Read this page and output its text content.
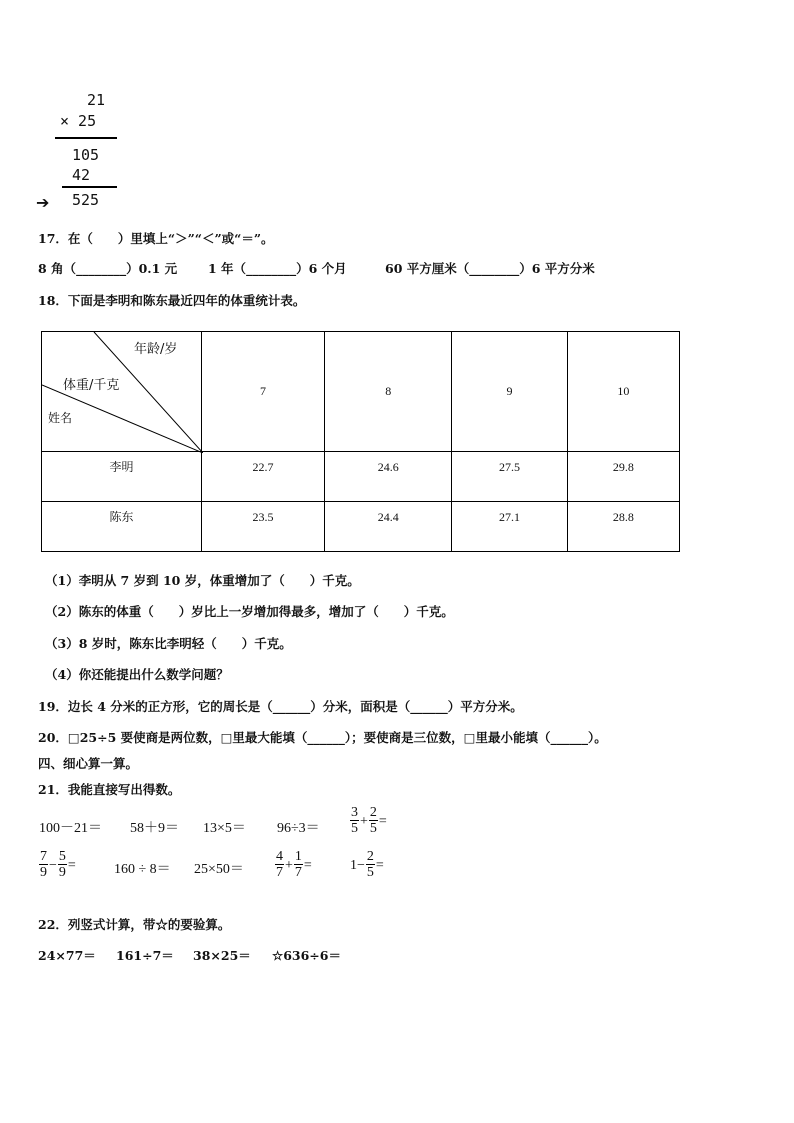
21
× 25
105
42
➔ 525
17．在（　　）里填上“＞”“＜”或“＝”。
8 角（________）0.1 元 1 年（________）6 个月	60 平方厘米（________）6 平方分米
18．下面是李明和陈东最近四年的体重统计表。
年龄/岁
体重/千克
姓名	7	8	9	10
李明	22.7	24.6	27.5	29.8
陈东	23.5	24.4	27.1	28.8
（1）李明从 7 岁到 10 岁，体重增加了（　　）千克。
（2）陈东的体重（　　）岁比上一岁增加得最多，增加了（　　）千克。
（3）8 岁时，陈东比李明轻（　　）千克。
（4）你还能提出什么数学问题？
19．边长 4 分米的正方形，它的周长是（______）分米，面积是（______）平方分米。
20．□25÷5 要使商是两位数，□里最大能填（______）；要使商是三位数，□里最小能填（______）。
四、细心算一算。
21．我能直接写出得数。
$100-21= 58+9= 13\times 5= 96\div 3= \frac{3}{5} + \frac{2}{5}$ =
$\frac{7}{9} - \frac{5}{9}$ =	$160 \div 8= 25\times 50= \frac{4}{7} + \frac{1}{7}$ =	$1- \frac{2}{5}$ =
22．列竖式计算，带☆的要验算。
24×77＝ 161÷7＝ 38×25＝ ☆636÷6＝
